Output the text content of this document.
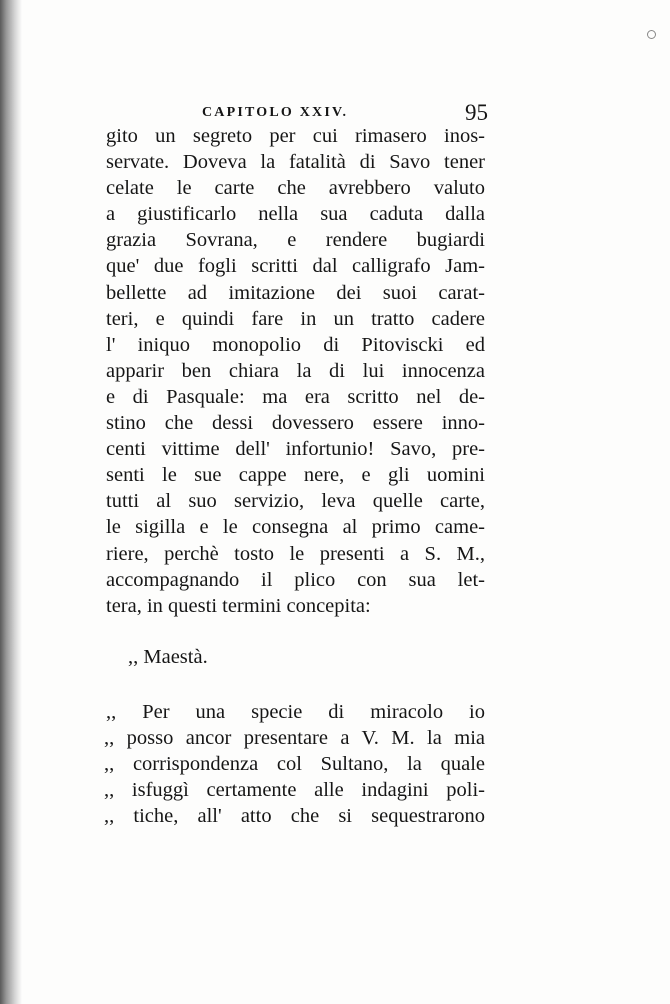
CAPITOLO XXIV.	95
gito un segreto per cui rimasero inos-
servate. Doveva la fatalità di Savo tener
celate le carte che avrebbero valuto
a giustificarlo nella sua caduta dalla
grazia Sovrana, e rendere bugiardi
que' due fogli scritti dal calligrafo Jam-
bellette ad imitazione dei suoi carat-
teri, e quindi fare in un tratto cadere
l' iniquo monopolio di Pitoviscki ed
apparir ben chiara la di lui innocenza
e di Pasquale: ma era scritto nel de-
stino che dessi dovessero essere inno-
centi vittime dell' infortunio! Savo, pre-
senti le sue cappe nere, e gli uomini
tutti al suo servizio, leva quelle carte,
le sigilla e le consegna al primo came-
riere, perchè tosto le presenti a S. M.,
accompagnando il plico con sua let-
tera, in questi termini concepita:
,, Maestà.
,, Per una specie di miracolo io
,, posso ancor presentare a V. M. la mia
,, corrispondenza col Sultano, la quale
,, isfuggì certamente alle indagini poli-
,, tiche, all' atto che si sequestrarono
